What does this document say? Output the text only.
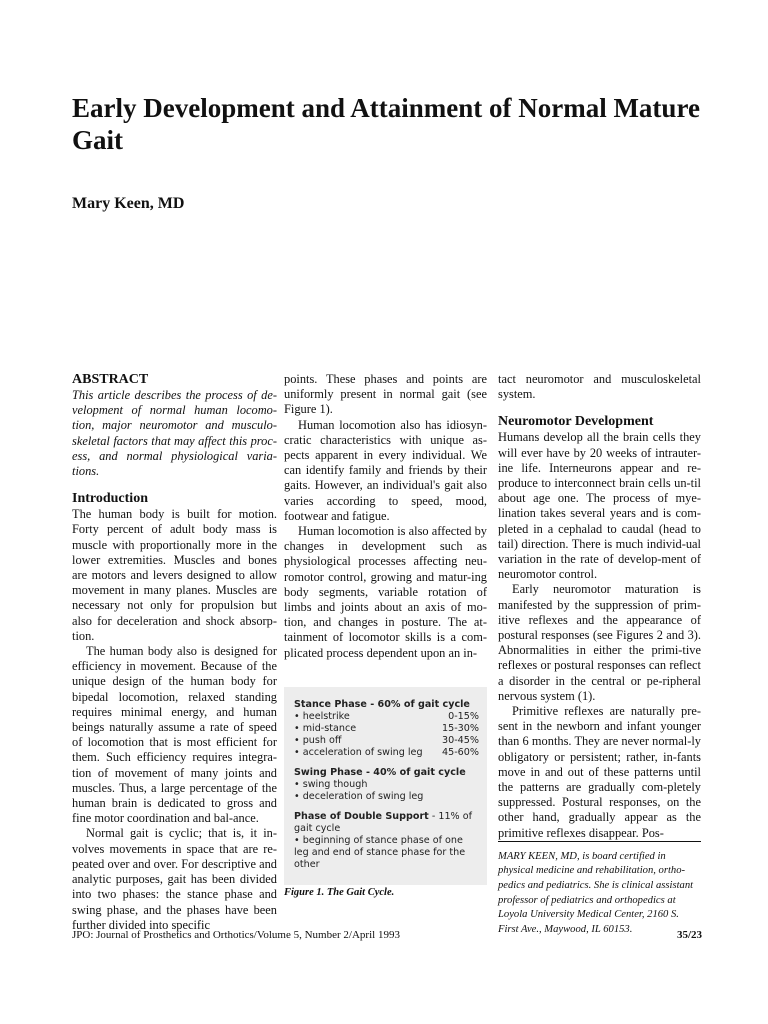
Early Development and Attainment of Normal Mature Gait

Mary Keen, MD

ABSTRACT

This article describes the process of de-velopment of normal human locomo-tion, major neuromotor and musculo-skeletal factors that may affect this proc-ess, and normal physiological varia-tions.

Introduction

The human body is built for motion. Forty percent of adult body mass is muscle with proportionally more in the lower extremities. Muscles and bones are motors and levers designed to allow movement in many planes. Muscles are necessary not only for propulsion but also for deceleration and shock absorp-tion.

The human body also is designed for efficiency in movement. Because of the unique design of the human body for bipedal locomotion, relaxed standing requires minimal energy, and human beings naturally assume a rate of speed of locomotion that is most efficient for them. Such efficiency requires integra-tion of movement of many joints and muscles. Thus, a large percentage of the human brain is dedicated to gross and fine motor coordination and bal-ance.

Normal gait is cyclic; that is, it in-volves movements in space that are re-peated over and over. For descriptive and analytic purposes, gait has been divided into two phases: the stance phase and swing phase, and the phases have been further divided into specific

points. These phases and points are uniformly present in normal gait (see Figure 1).

Human locomotion also has idiosyn-cratic characteristics with unique as-pects apparent in every individual. We can identify family and friends by their gaits. However, an individual's gait also varies according to speed, mood, footwear and fatigue.

Human locomotion is also affected by changes in development such as physiological processes affecting neu-romotor control, growing and matur-ing body segments, variable rotation of limbs and joints about an axis of mo-tion, and changes in posture. The at-tainment of locomotor skills is a com-plicated process dependent upon an in-

Stance Phase - 60% of gait cycle

• heelstrike	0-15%
• mid-stance	15-30%
• push off	30-45%
• acceleration of swing leg 45-60%

Swing Phase - 40% of gait cycle

• swing though

• deceleration of swing leg

Phase of Double Support - 11% of gait cycle

• beginning of stance phase of one leg and end of stance phase for the other

Figure 1. The Gait Cycle.

tact neuromotor and musculoskeletal system.

Neuromotor Development

Humans develop all the brain cells they will ever have by 20 weeks of intrauter-ine life. Interneurons appear and re-produce to interconnect brain cells un-til about age one. The process of mye-lination takes several years and is com-pleted in a cephalad to caudal (head to tail) direction. There is much individ-ual variation in the rate of develop-ment of neuromotor control.

Early neuromotor maturation is manifested by the suppression of prim-itive reflexes and the appearance of postural responses (see Figures 2 and 3). Abnormalities in either the primi-tive reflexes or postural responses can reflect a disorder in the central or pe-ripheral nervous system (1).

Primitive reflexes are naturally pre-sent in the newborn and infant younger than 6 months. They are never normal-ly obligatory or persistent; rather, in-fants move in and out of these patterns until the patterns are gradually com-pletely suppressed. Postural responses, on the other hand, gradually appear as the primitive reflexes disappear. Pos-

MARY KEEN, MD, is board certified in physical medicine and rehabilitation, ortho-pedics and pediatrics. She is clinical assistant professor of pediatrics and orthopedics at Loyola University Medical Center, 2160 S. First Ave., Maywood, IL 60153.

JPO: Journal of Prosthetics and Orthotics/Volume 5, Number 2/April 1993	35/23
